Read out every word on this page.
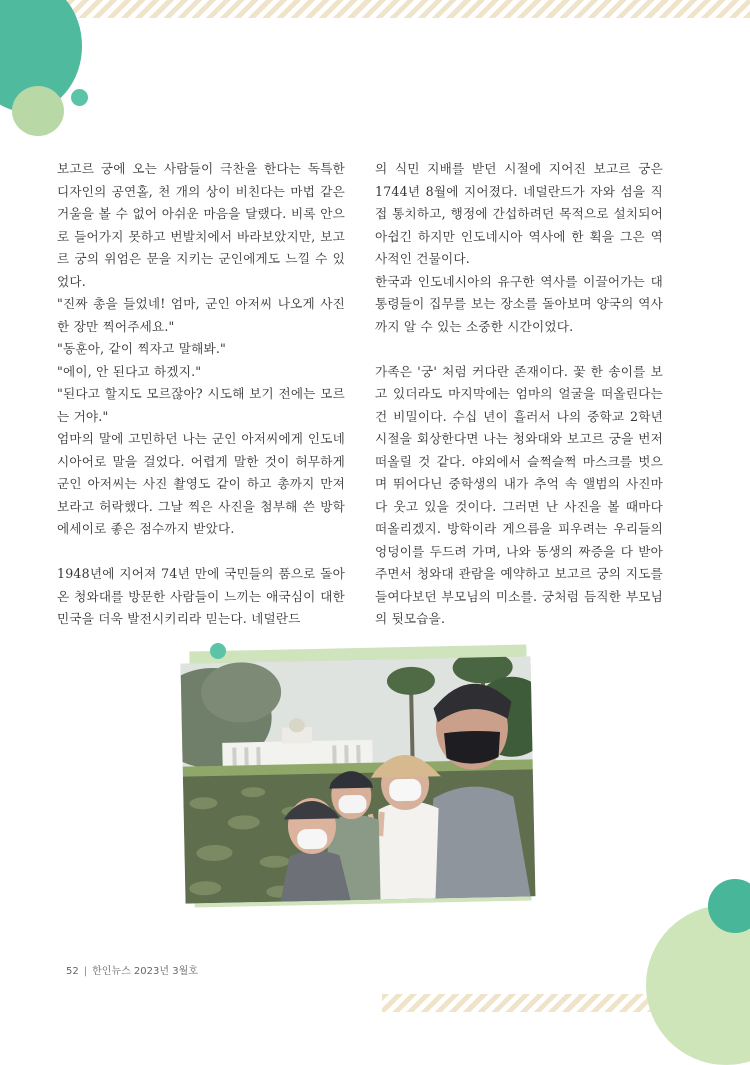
보고르 궁에 오는 사람들이 극찬을 한다는 독특한 디자인의 공연홀, 천 개의 상이 비친다는 마법 같은 거울을 볼 수 없어 아쉬운 마음을 달랬다. 비록 안으로 들어가지 못하고 번발치에서 바라보았지만, 보고르 궁의 위엄은 문을 지키는 군인에게도 느낄 수 있었다.

"진짜 총을 들었네! 엄마, 군인 아저씨 나오게 사진 한 장만 찍어주세요."

"동훈아, 같이 찍자고 말해봐."

"에이, 안 된다고 하겠지."

"된다고 할지도 모르잖아? 시도해 보기 전에는 모르는 거야."

엄마의 말에 고민하던 나는 군인 아저씨에게 인도네시아어로 말을 걸었다. 어렵게 말한 것이 허무하게 군인 아저씨는 사진 촬영도 같이 하고 총까지 만져보라고 허락했다. 그날 찍은 사진을 첨부해 쓴 방학 에세이로 좋은 점수까지 받았다.

1948년에 지어져 74년 만에 국민들의 품으로 돌아온 청와대를 방문한 사람들이 느끼는 애국심이 대한민국을 더욱 발전시키리라 믿는다. 네덜란드

의 식민 지배를 받던 시절에 지어진 보고르 궁은 1744년 8월에 지어졌다. 네덜란드가 자와 섬을 직접 통치하고, 행정에 간섭하려던 목적으로 설치되어 아쉽긴 하지만 인도네시아 역사에 한 획을 그은 역사적인 건물이다.

한국과 인도네시아의 유구한 역사를 이끌어가는 대통령들이 집무를 보는 장소를 돌아보며 양국의 역사까지 알 수 있는 소중한 시간이었다.

가족은 '궁' 처럼 커다란 존재이다. 꽃 한 송이를 보고 있더라도 마지막에는 엄마의 얼굴을 떠올린다는 건 비밀이다. 수십 년이 흘러서 나의 중학교 2학년 시절을 회상한다면 나는 청와대와 보고르 궁을 번저 떠올릴 것 같다. 야외에서 슬쩍슬쩍 마스크를 벗으며 뛰어다닌 중학생의 내가 추억 속 앨범의 사진마다 웃고 있을 것이다. 그러면 난 사진을 볼 때마다 떠올리겠지. 방학이라 게으름을 피우려는 우리들의 엉덩이를 두드려 가며, 나와 동생의 짜증을 다 받아주면서 청와대 관람을 예약하고 보고르 궁의 지도를 들여다보던 부모님의 미소를. 궁처럼 듬직한 부모님의 뒷모습을.

52 | 한인뉴스 2023년 3월호
